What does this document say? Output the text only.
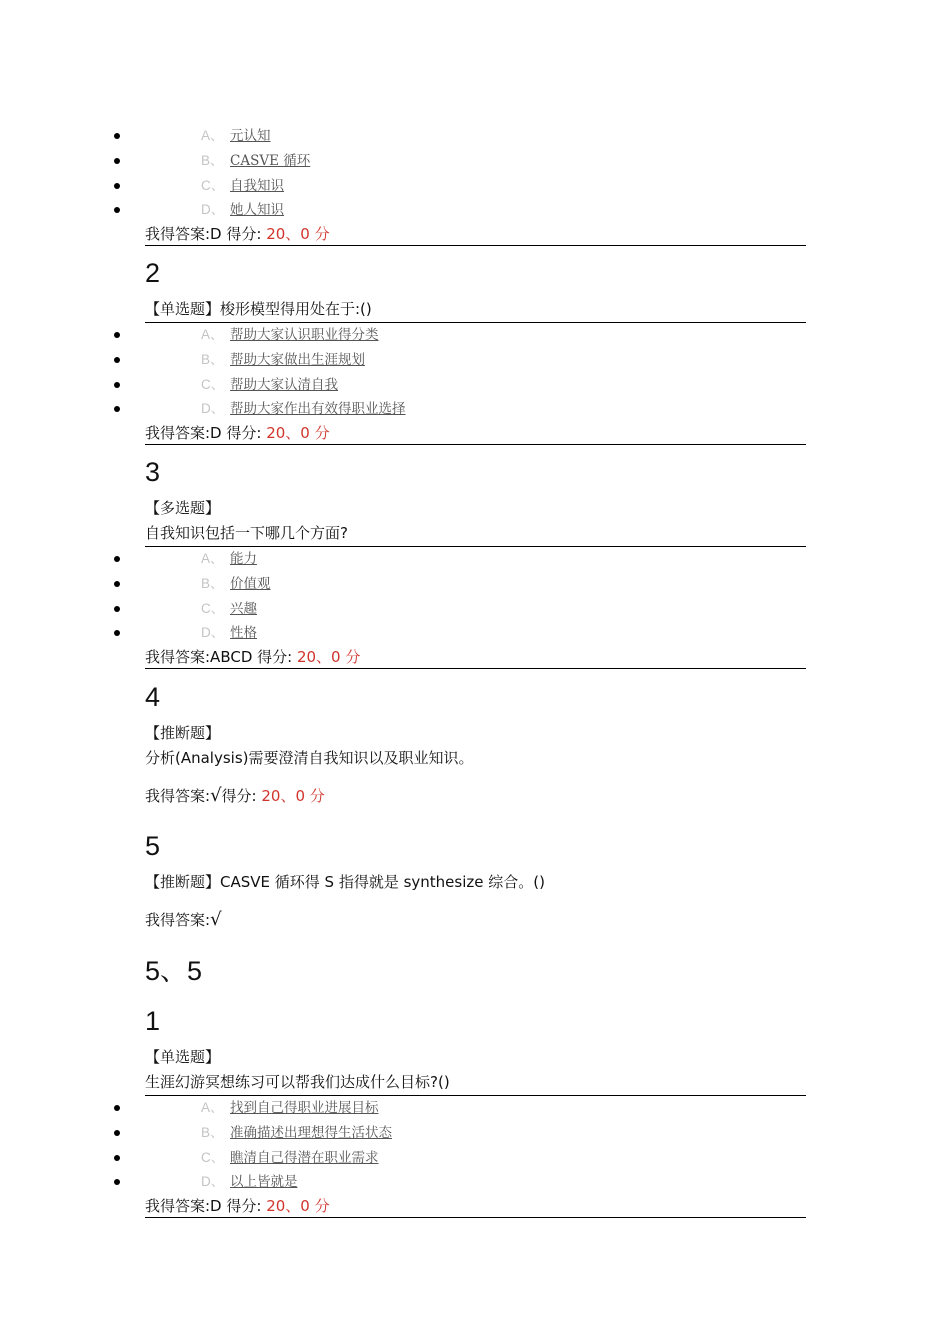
A、 元认知
B、 CASVE 循环
C、 自我知识
D、 她人知识
我得答案:D 得分: 20、0 分
2
【单选题】梭形模型得用处在于:()
A、 帮助大家认识职业得分类
B、 帮助大家做出生涯规划
C、 帮助大家认清自我
D、 帮助大家作出有效得职业选择
我得答案:D 得分: 20、0 分
3
【多选题】
自我知识包括一下哪几个方面?
A、 能力
B、 价值观
C、 兴趣
D、 性格
我得答案:ABCD 得分: 20、0 分
4
【推断题】
分析(Analysis)需要澄清自我知识以及职业知识。
我得答案:√得分: 20、0 分
5
【推断题】CASVE 循环得 S 指得就是 synthesize 综合。()
我得答案:√
5、5
1
【单选题】
生涯幻游冥想练习可以帮我们达成什么目标?()
A、 找到自己得职业进展目标
B、 准确描述出理想得生活状态
C、 瞧清自己得潜在职业需求
D、 以上皆就是
我得答案:D 得分: 20、0 分
